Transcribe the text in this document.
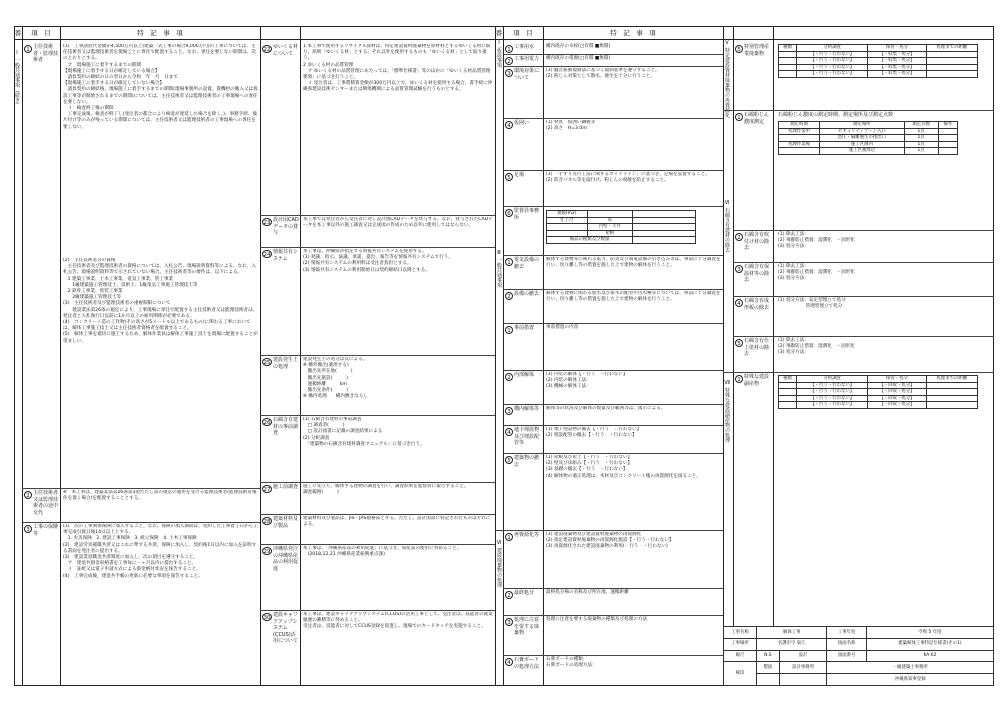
番	項　目	特　記　事　項	番	項　目	特　記　事　項
Ⅰ 一般共通事項（続き）	Ⅰ 仮設事項
Ⅲ 一般共通事項
Ⅵ 建設廃棄物の処理
Ⅴ 特定建設資材廃棄物の再資源化
Ⅵ 石綿含有建材の除去
Ⅶ 特殊な建設副産物の処理
1 主任技術者・監理技術者
(1)　工事請負代金額が4,500万円以上(建築一式工事の場合9,000万円)の工事については、主任技術者又は監理技術者を現場ごとに専任で配置すること。なお、専任を要しない期間は、次のとおりとする。
　ア　現場施工に着手するまでの期間
【現場施工に着手する日が確定している場合】
　請負契約の締結の日の翌日から令和　年　月　日まで
【現場施工に着手する日が確定していない場合】
　請負契約の締結後、現場施工に着手するまでの期間(現場事務所の設置、資機材の搬入又は仮設工事等が開始されるまでの期間)については、主任技術者又は監理技術者の工事現場への専任を要しない。
　イ　検査終了後の期間
　工事完成後、検査が終了し(発注者の都合により検査が遅延した場合を除く。)、事務手続、後片付け等のみが残っている期間については、主任技術者又は監理技術者の工事現場への専任を要しない。
(2)　主任技術者等の資格
　主任技術者及び監理技術者の資格については、入札公告、現場説明資料等による。なお、入札公告、現場説明資料等で示されていない場合、主任技術者等の要件は、以下による。
　1 建築工事業、土木工事業、電気工事業、管工事業
　　1級建築施工管理技士、技術士、1級電気工事施工管理技士等
　2 鉄骨工事業、塗装工事業
　　2級建築施工管理技士等
(3)　主任技術者及び監理技術者の重複制限について
　　建設業法第26条の規定により、工事現場に専任で配置する主任技術者又は監理技術者は、発注者と入札執行日以前に1か月以上の雇用関係が必要である。
(4)　コンクリート造の工作物(その高さが5メートル以上であるもの)に関わる工事においては、解体工事施工技士又は主任技術者資格者を配置すること。
(5)　解体工事を適切に施工するため、解体作業員は解体工事施工技士を現場に配置することが望ましい。
2 主任技術者又は監理技術者の途中交代
※　本工事は、建築業法第26条第3項ただし書の規定の適用を受ける監理技術者(監理技術者補佐を置く場合)を配置することとする。
3 工事の保険等
(1)　次の工事関係保険に加入すること。なお、保険の加入期間は、契約した工事着工日から工事完成引渡日後14日以上とする。
　1. 火災保険　2. 建設工事保険　3. 組立保険　4. 土木工事保険
(2)　建設労災補償共済又はこれに準ずる共済、保険に加入し、契約後1日以内に加入を証明する書面を発注者に提出する。
(3)　建設業退職金共済制度に加入し、次の項目を遵守すること。
　ア　建退共掛金収納書を工事毎に一ヶ月以内に提出すること。
　イ　証紙又は電子申請方式による掛金納付状況を報告すること。
(4)　工事完成後、建退共手帳の更新に必要な事項を報告すること。
22 ゆいくる材について
1 本工事で使用するリサイクル資材は、特定建設資材廃棄物を原材料とするゆいくる材に限り、原則「ゆいくる材」とする。それ以外を使用するものも「ゆいくる材」として取り扱う。
2 ゆいくる材の品質管理
　ア ゆいくる材の品質管理にあたっては、「標準仕様書」等のほかに「ゆいくる材品質管理要領」に基づき行うこと。
　イ 受注者は、工事費積算金額が300万円以上で、ゆいくる材を使用する場合、書手続に沖縄県建設技術センターまたは関係機関による品質管理試験を行うものとする。
23 設計図CADデータの貸与
本工事では発注者から受注者に対し設計図CADデータを貸与する。なお、貸与されたCADデータを本工事以外の施工調査又は完成図の作成のため以外に使用してはならない。
24 情報共有システム
本工事は、沖縄県が指定する情報共有システムを使用する。
(1) 発議、指示、協議、承諾、提出、報告等を情報共有システムで行う。
(2) 情報共有システムの利用料は受注者負担とする。
(3) 情報共有システムの利用開始日は契約締結日以降とする。
25 建設発生土の処理
建設発生土の処分は次による。
※ 構外搬出(適用する)
　搬出先所在地(　　　)
　搬出先施設(　　　)
　運搬距離　　　km
　搬出先条件(　　　)
※ 構内処理　　構内敷きならし
26 石綿含有建材の事前調査
(1) 石綿含有建材の事前調査
　□ 調査者(　　　)
　□ 設計図書に記載の調査結果による
(2) 分析調査
　「建築物の石綿含有建材調査マニュアル」に基づき行う。
27 施工前調査	施工に先立ち、解体する建物の調査を行い、調査結果を監督員に報告すること。
調査範囲(　　　)
28 建築材料及び製品
建築材料及び製品は、JIS・JAS規格品とする。ただし、設計図書に特記されたものはそれによる。
29 沖縄県発注の沖縄県産品の利用促進
本工事は、「沖縄県産品の利用促進」に基づき、県産品の使用に努めること。
　(2018.12.21 沖縄県産業振興重点課)
30 建設キャリアアップシステム(CCUS)活用について
本工事は、建設キャリアアップシステム(CCUS)の活用工事として、受注者は、技能者の就業履歴の蓄積等に努めること。
受注者は、技能者に対してCCUS登録を促進し、現場でのカードタッチを実施すること。
1 工事用水	構内既存の水栓(□有償 ■無償)
2 工事用電力	構内既存の電源(□有償 ■無償)
3 環境対策について
(1) 騒音振動規制法に基づく規制基準を遵守すること。
(2) 粉じん対策として散水、養生を十分に行うこと。
4 仮囲い	(1) 材質　仮囲い鋼板等
(2) 高さ　H=3.0m
5 足場	(1) 「手すり先行工法に関するガイドライン」に基づき、足場を設置すること。
(2) 防音パネル等を取付け、粉じんの飛散を防止すること。
6 監督員事務所
規模(m2)		
仕上げ	床	
	内壁・天井	
	屋根	
備品の種類及び数量		
1 電気設備の撤去
解体する建物等に関わる電力、防災及び弱電設備の引き込み等は、事前に十分調査を行い、切り離し等の措置を施した上で建物の解体を行うこと。
2 設備の撤去	解体する建物に関わる給水及び排水の配管や汚水桝等については、事前に十分調査を行い、切り離し等の措置を施した上で建物の解体を行うこと。
1 事前措置	事前措置の内容
2 内部解体	(1) 内装の解体【・行う　・行わない】
(2) 内装の解体工法：
(3) 機械の解体工法：
3 構内解体等	解体等の状況及び解体の数量及び範囲等は、図示による。
4 地下埋設物及び埋設配管等
(1) 地下埋設物の撤去【・行う　・行わない】
(2) 埋設配管の撤去【・行う　・行わない】
5 建築物の撤去
(1) 屋根及び屋上【・行う　・行わない】
(2) 壁及び床組み【・行う　・行わない】
(3) 基礎の撤去【・行う　・行わない】
(4) 解体物の適正処理は、木材及びコンクリート塊の再資源化を図ること。
1 再資源化等	(1) 建設廃棄物及び建設資材廃棄物の再資源化
(2) 指定建設資材廃棄物の再資源化施設【・行う・行わない】
(3) 再資源化された建設廃棄物の利用(・行う　・行わない)
2 最終処分	最終処分場の名称及び所在地、運搬距離
3 処理に注意を要する廃棄物
処理に注意を要する廃棄物の種類及び処理の方法
4 石膏ボードの処理方法
石膏ボードの種類：
石膏ボードの処理方法：
5 特別管理産業廃棄物
種類	分析調査	保管・処分	処理までの距離
	【・行う・行わない】	【・収集・処分】	
	【・行う・行わない】	【・収集・処分】	
	【・行う・行わない】	【・収集・処分】	
	【・行う・行わない】	【・収集・処分】	
1 石綿粉じん濃度測定
石綿粉じん濃度の測定時期、測定場所及び測定点数
測定時期	測定場所	測定点数	備考
処理作業中	セキュリティゾーン入口	1点	
	負圧・隔離養生の排出口	1点	
処理作業後	施工区画内	1点	
	施工区画周辺	1点	
2 石綿含有吹付け材の除去
(1) 除去工法：
(2) 飛散防止措置：湿潤化　・固形化
(3) 処分方法：
3 石綿含有保温材等の除去
(1) 除去工法：
(2) 飛散防止措置：湿潤化　・固形化
(3) 処分方法：
4 石綿含有成形板の除去
(1) 処分方法：安定型埋立て処分
　　　　　　管理型埋立て処分
5 石綿含有仕上塗材の除去
(1) 除去工法：
(2) 飛散防止措置：湿潤化　・固形化
(3) 処分方法：
1 特殊な建設副産物
種類	分析調査	保管・処分	処理までの距離
	【・行う・行わない】	【・回収・処分】	
	【・行う・行わない】	【・回収・処分】	
	【・行う・行わない】	【・回収・処分】	
	【・行う・行わない】	【・回収・処分】	
工事名称	解体工事		工事年度	令和 5 年度
工事場所	名護市字 東江		図面名称	建築解体工事特記仕様書(その1)
縮尺	N.S	設計	図面番号	KA-02
検印	製図	設計事務所	一級建築士事務所	
			沖縄県知事登録	
